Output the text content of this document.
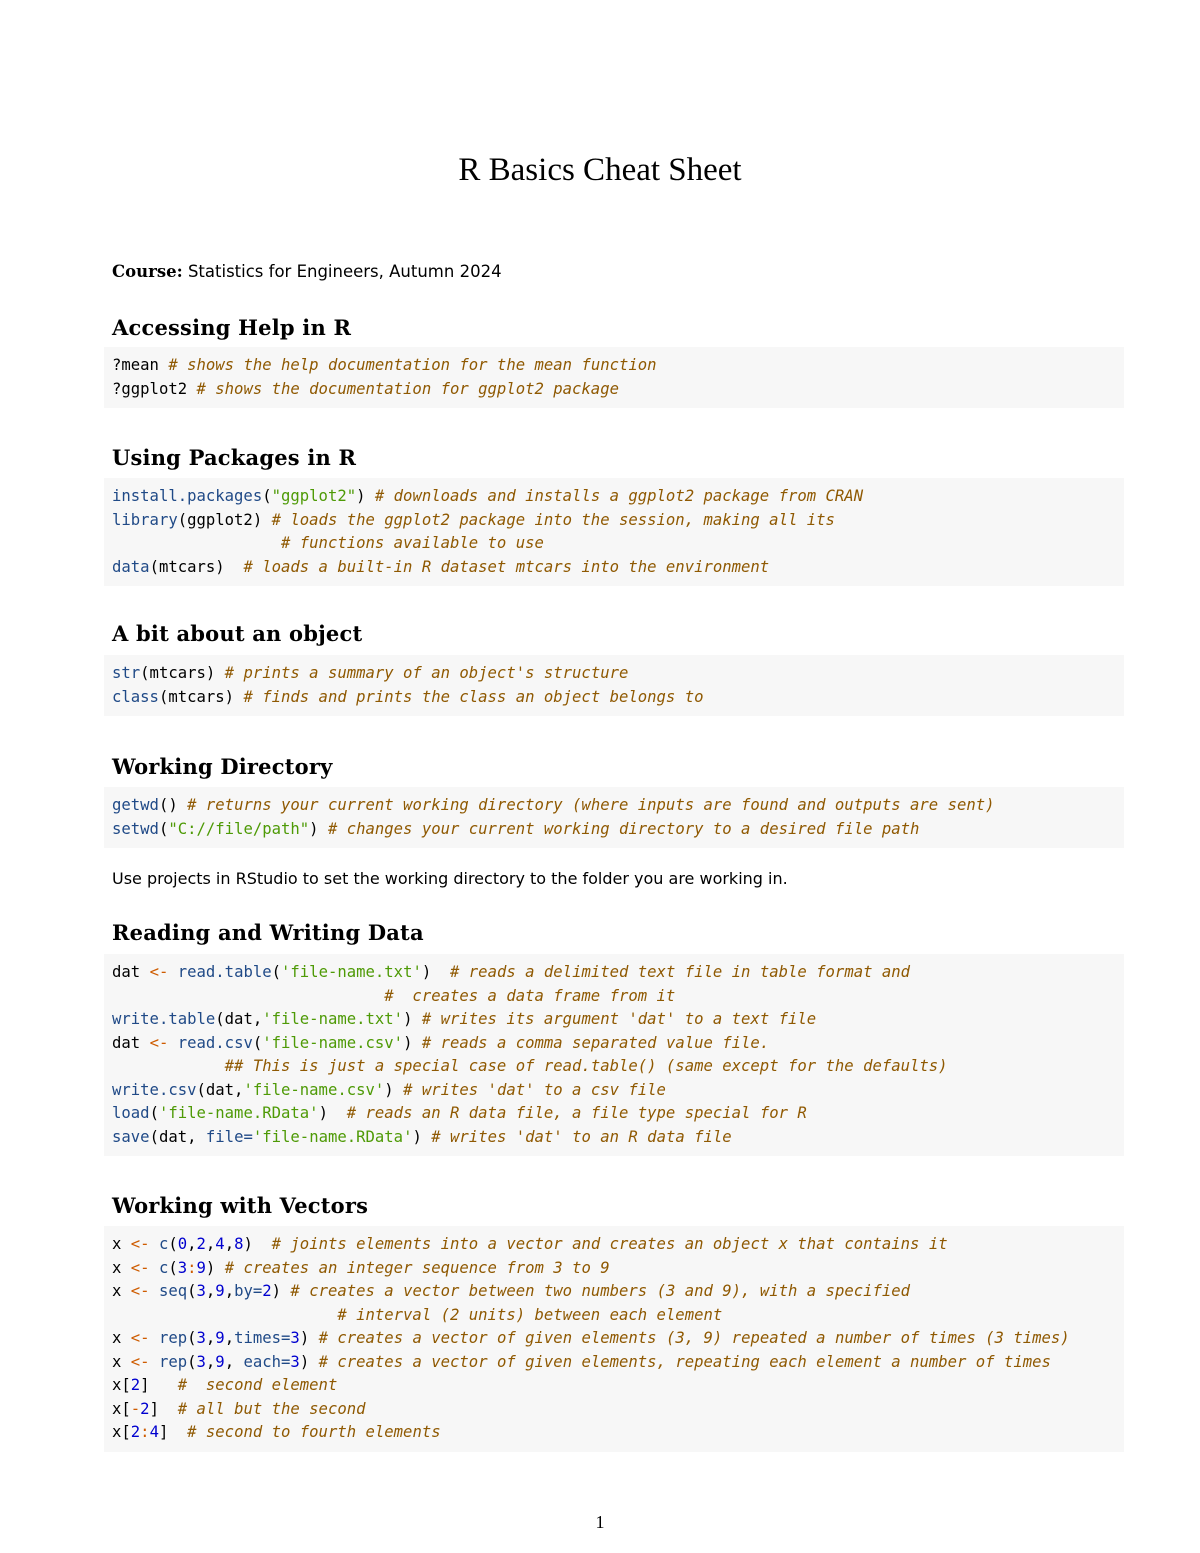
R Basics Cheat Sheet
Course: Statistics for Engineers, Autumn 2024
Accessing Help in R
?mean # shows the help documentation for the mean function
?ggplot2 # shows the documentation for ggplot2 package
Using Packages in R
install.packages("ggplot2") # downloads and installs a ggplot2 package from CRAN
library(ggplot2) # loads the ggplot2 package into the session, making all its
# functions available to use
data(mtcars)  # loads a built-in R dataset mtcars into the environment
A bit about an object
str(mtcars) # prints a summary of an object's structure
class(mtcars) # finds and prints the class an object belongs to
Working Directory
getwd() # returns your current working directory (where inputs are found and outputs are sent)
setwd("C://file/path") # changes your current working directory to a desired file path
Use projects in RStudio to set the working directory to the folder you are working in.
Reading and Writing Data
dat <- read.table('file-name.txt')  # reads a delimited text file in table format and
#  creates a data frame from it
write.table(dat,'file-name.txt') # writes its argument 'dat' to a text file
dat <- read.csv('file-name.csv') # reads a comma separated value file.
## This is just a special case of read.table() (same except for the defaults)
write.csv(dat,'file-name.csv') # writes 'dat' to a csv file
load('file-name.RData')  # reads an R data file, a file type special for R
save(dat, file='file-name.RData') # writes 'dat' to an R data file
Working with Vectors
x <- c(0,2,4,8)  # joints elements into a vector and creates an object x that contains it
x <- c(3:9) # creates an integer sequence from 3 to 9
x <- seq(3,9,by=2) # creates a vector between two numbers (3 and 9), with a specified
# interval (2 units) between each element
x <- rep(3,9,times=3) # creates a vector of given elements (3, 9) repeated a number of times (3 times)
x <- rep(3,9, each=3) # creates a vector of given elements, repeating each element a number of times
x[2]   #  second element
x[-2]  # all but the second
x[2:4]  # second to fourth elements
1
